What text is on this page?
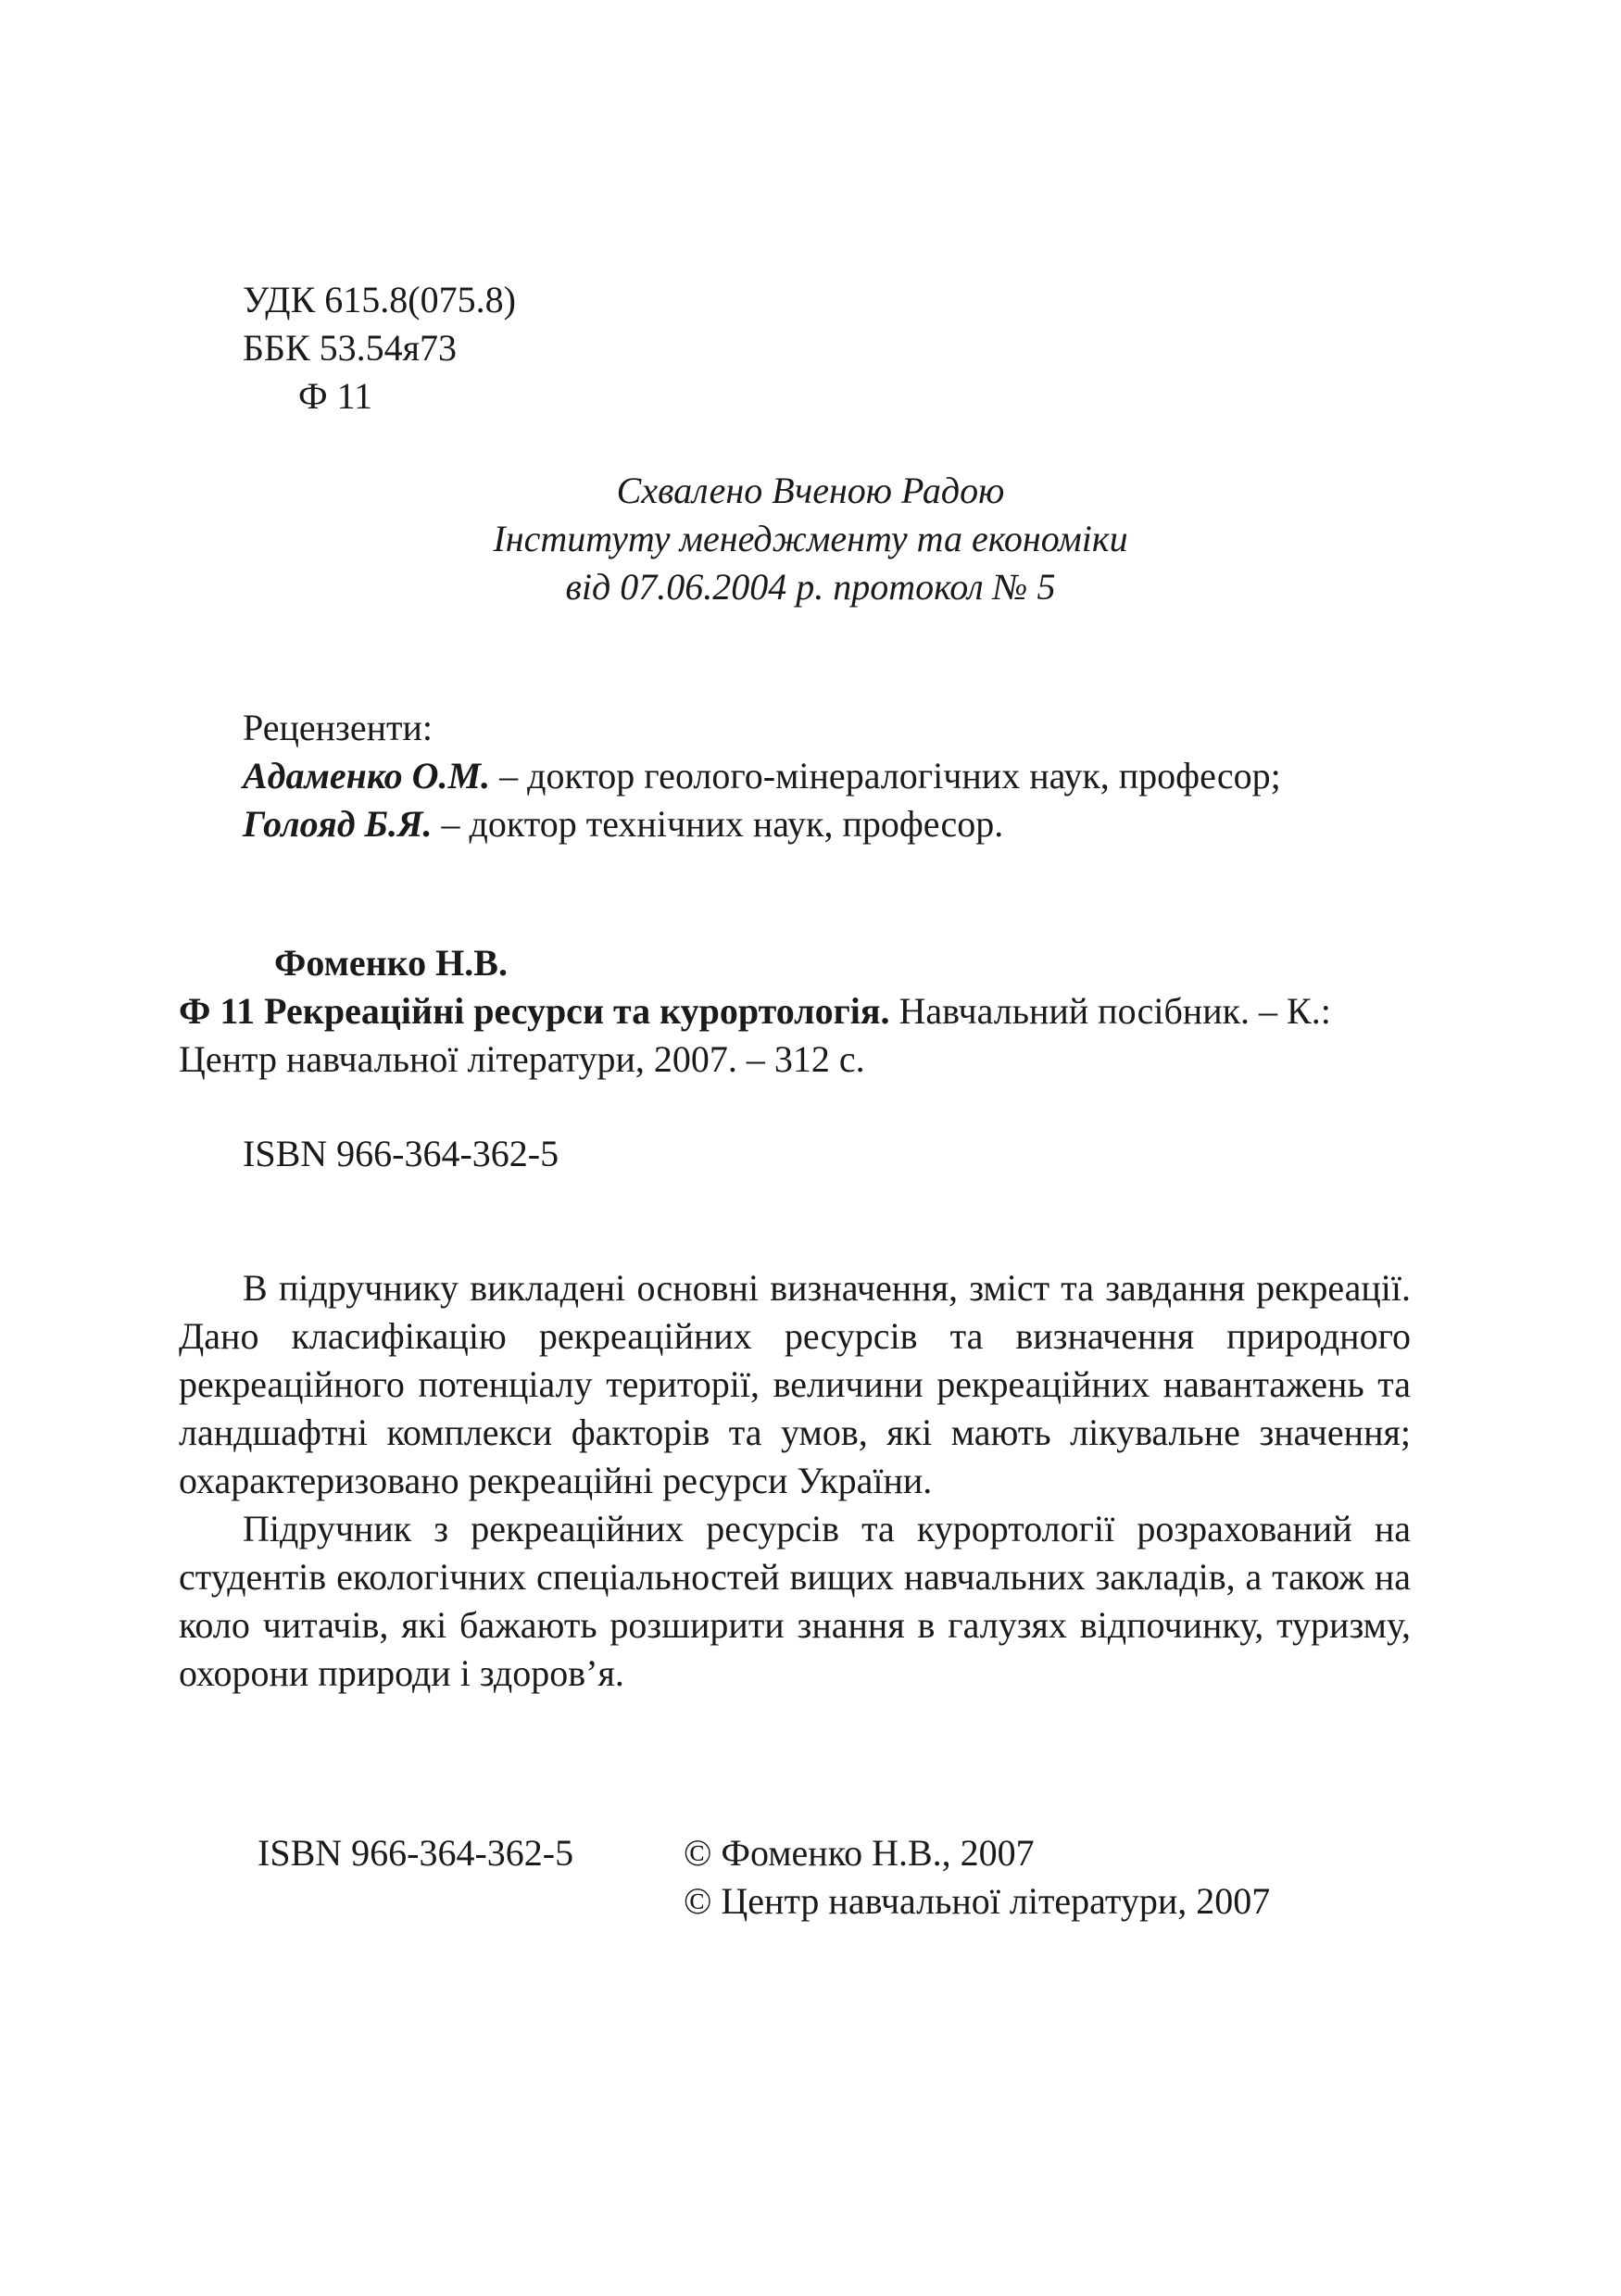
УДК 615.8(075.8)
ББК 53.54я73
Ф 11
Схвалено Вченою Радою
Інституту менеджменту та економіки
від 07.06.2004 р. протокол № 5
Рецензенти:
Адаменко О.М. – доктор геолого-мінералогічних наук, професор;
Голояд Б.Я. – доктор технічних наук, професор.
Фоменко Н.В.
Ф 11 Рекреаційні ресурси та курортологія. Навчальний посібник. – К.:
Центр навчальної літератури, 2007. – 312 с.
ISBN 966-364-362-5

В підручнику викладені основні визначення, зміст та завдання рекреації. Дано класифікацію рекреаційних ресурсів та визначення природного рекреаційного потенціалу території, величини рекреаційних навантажень та ландшафтні комплекси факторів та умов, які мають лікувальне значення; охарактеризовано рекреаційні ресурси України.

Підручник з рекреаційних ресурсів та курортології розрахований на студентів екологічних спеціальностей вищих навчальних закладів, а також на коло читачів, які бажають розширити знання в галузях відпочинку, туризму, охорони природи і здоров’я.

ISBN 966-364-362-5	© Фоменко Н.В., 2007
© Центр навчальної літератури, 2007
